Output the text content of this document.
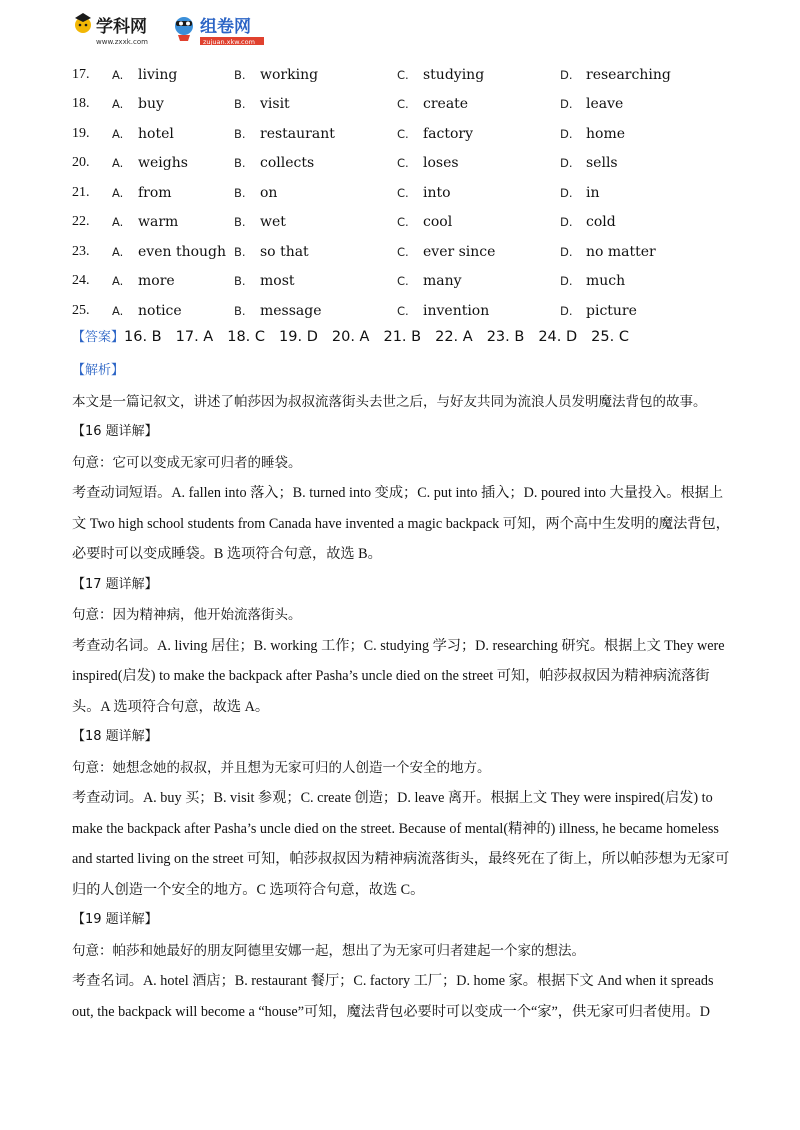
学科网
www.zxxk.com
组卷网
zujuan.xkw.com
17.	A. living	B. working	C. studying	D. researching
18.	A. buy	B. visit	C. create	D. leave
19.	A. hotel	B. restaurant	C. factory	D. home
20.	A. weighs	B. collects	C. loses	D. sells
21.	A. from	B. on	C. into	D. in
22.	A. warm	B. wet	C. cool	D. cold
23.	A. even though	B. so that	C. ever since	D. no matter
24.	A. more	B. most	C. many	D. much
25.	A. notice	B. message	C. invention	D. picture
【答案】16. B 17. A 18. C 19. D 20. A 21. B 22. A 23. B 24. D 25. C

【解析】

本文是一篇记叙文，讲述了帕莎因为叔叔流落街头去世之后，与好友共同为流浪人员发明魔法背包的故事。

【16 题详解】

句意：它可以变成无家可归者的睡袋。

考查动词短语。A. fallen into 落入；B. turned into 变成；C. put into 插入；D. poured into 大量投入。根据上

文 Two high school students from Canada have invented a magic backpack 可知，两个高中生发明的魔法背包，

必要时可以变成睡袋。B 选项符合句意，故选 B。

【17 题详解】

句意：因为精神病，他开始流落街头。

考查动名词。A. living 居住；B. working 工作；C. studying 学习；D. researching 研究。根据上文 They were

inspired(启发) to make the backpack after Pasha’s uncle died on the street 可知，帕莎叔叔因为精神病流落街

头。A 选项符合句意，故选 A。

【18 题详解】

句意：她想念她的叔叔，并且想为无家可归的人创造一个安全的地方。

考查动词。A. buy 买；B. visit 参观；C. create 创造；D. leave 离开。根据上文 They were inspired(启发) to

make the backpack after Pasha’s uncle died on the street. Because of mental(精神的) illness, he became homeless

and started living on the street 可知，帕莎叔叔因为精神病流落街头，最终死在了街上，所以帕莎想为无家可

归的人创造一个安全的地方。C 选项符合句意，故选 C。

【19 题详解】

句意：帕莎和她最好的朋友阿德里安娜一起，想出了为无家可归者建起一个家的想法。

考查名词。A. hotel 酒店；B. restaurant 餐厅；C. factory 工厂；D. home 家。根据下文 And when it spreads

out, the backpack will become a “house”可知，魔法背包必要时可以变成一个“家”，供无家可归者使用。D
